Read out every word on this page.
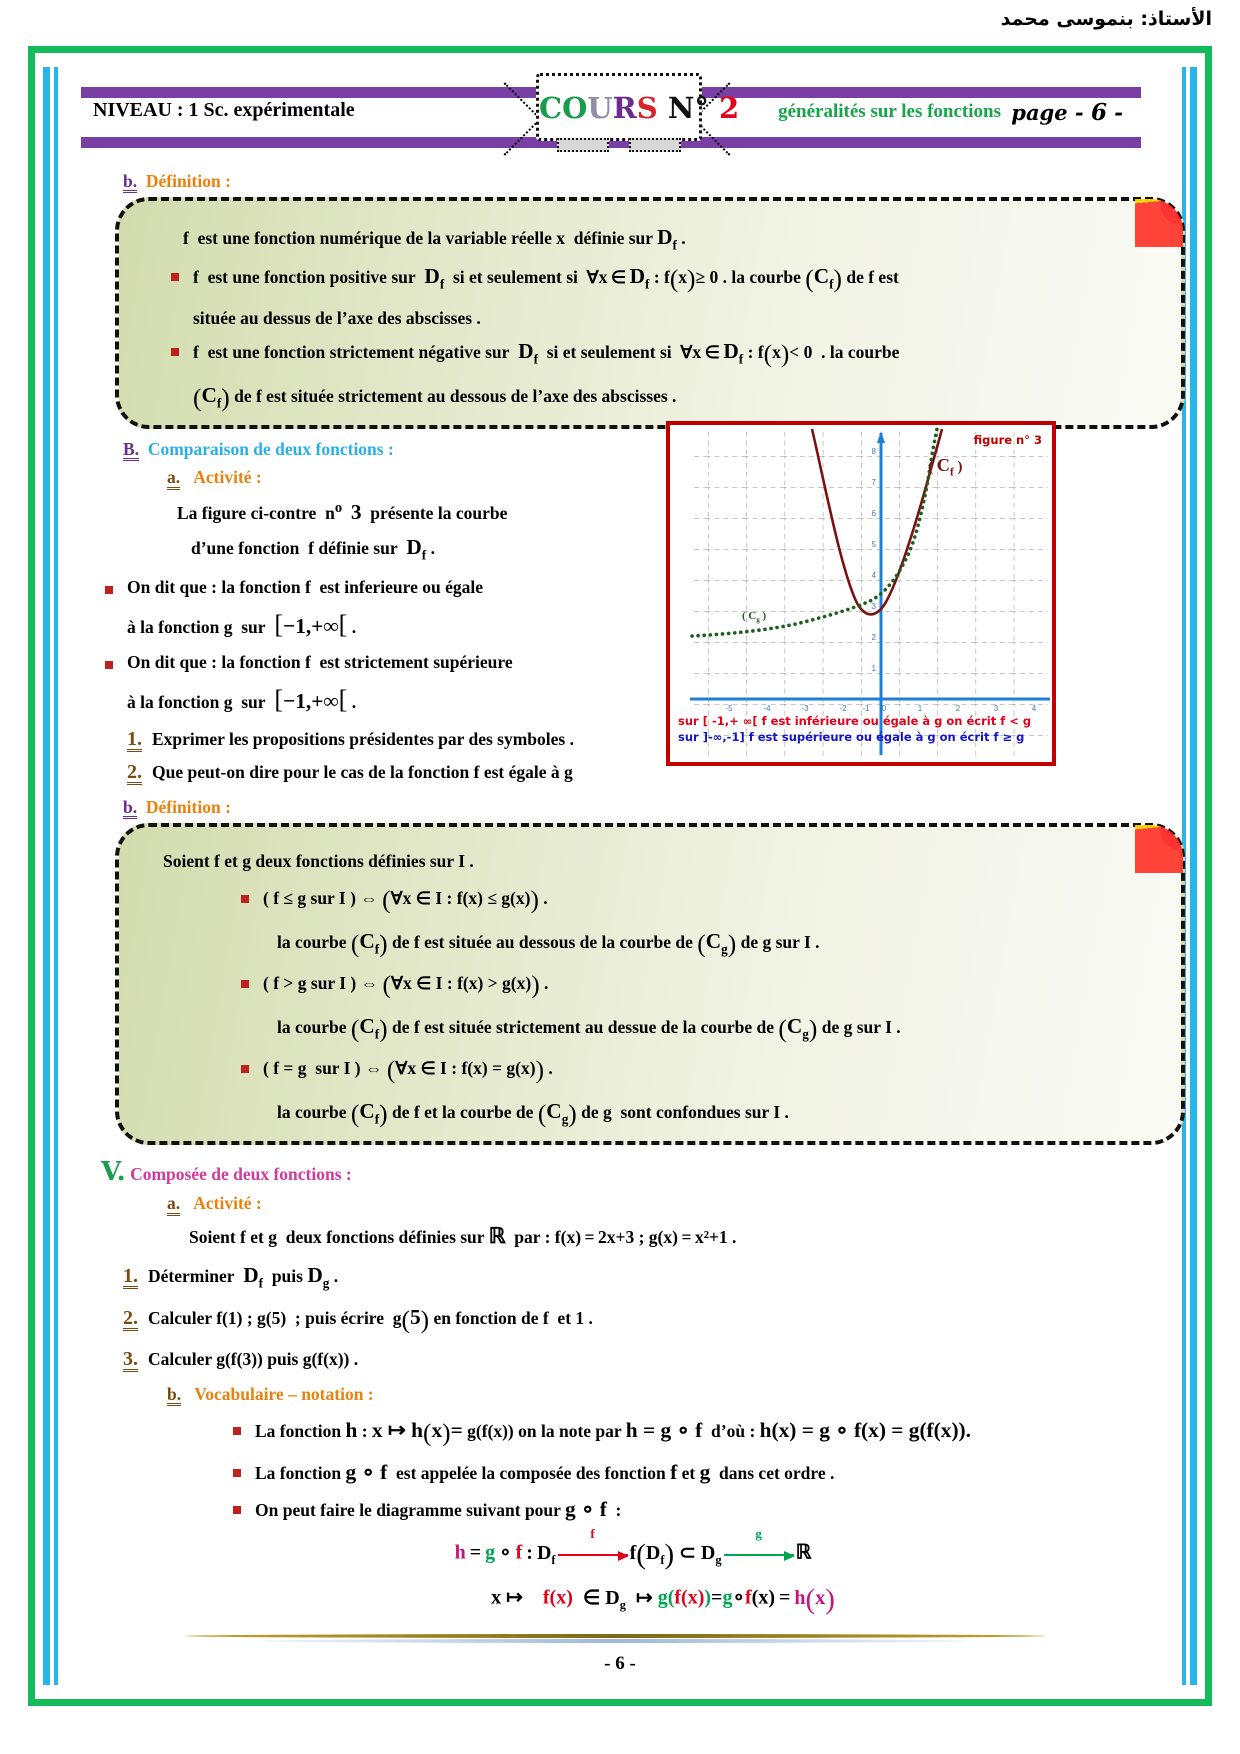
الأستاذ: بنموسى محمد
NIVEAU : 1 Sc. expérimentale	COURS N° 2 généralités sur les fonctions page - 6 -
b. Définition :

f  est une fonction numérique de la variable réelle x  définie sur $D_f$ .

f  est une fonction positive sur  $D_f$  si et seulement si  ∀x ∈ $D_f$ : f(x)≥ 0 . la courbe $(C_f)$ de f est
située au dessus de l’axe des abscisses .
f  est une fonction strictement négative sur  $D_f$  si et seulement si  ∀x ∈ $D_f$ : f(x)< 0  . la courbe
$(C_f)$ de f est située strictement au dessous de l’axe des abscisses .
B. Comparaison de deux fonctions :
a. Activité :

La figure ci-contre  $n^o$ 3  présente la courbe

d’une fonction  f définie sur  $D_f$ .

On dit que : la fonction f  est inferieure ou égale
à la fonction g  sur  [−1,+∞[ .
On dit que : la fonction f  est strictement supérieure
à la fonction g  sur  [−1,+∞[ .

1. Exprimer les propositions présidentes par des symboles .

2. Que peut-on dire pour le cas de la fonction f est égale à g

b. Définition :

Soient f et g deux fonctions définies sur I .

( f ≤ g sur I ) ⇔ (∀x ∈ I : f(x) ≤ g(x)) .
la courbe $(C_f)$ de f est située au dessous de la courbe de $(C_g)$ de g sur I .
( f > g sur I ) ⇔ (∀x ∈ I : f(x) > g(x)) .
la courbe $(C_f)$ de f est située strictement au dessue de la courbe de $(C_g)$ de g sur I .
( f = g  sur I ) ⇔ (∀x ∈ I : f(x) = g(x)) .
la courbe $(C_f)$ de f et la courbe de $(C_g)$ de g  sont confondues sur I .
V. Composée de deux fonctions :
a. Activité :

Soient f et g  deux fonctions définies sur ℝ  par : f(x) = 2x+3 ; g(x) = x²+1 .

1. Déterminer  $D_f$  puis $D_g$ .

2. Calculer f(1) ; g(5)  ; puis écrire  g(5) en fonction de f  et 1 .

3. Calculer g(f(3)) puis g(f(x)) .

b. Vocabulaire – notation :
La fonction h : x ↦ h(x)= g(f(x)) on la note par h = g ∘ f  d’où : h(x) = g ∘ f(x) = g(f(x)).
La fonction g ∘ f  est appelée la composée des fonction f et g  dans cet ordre .
On peut faire le diagramme suivant pour g ∘ f  :
h = g ∘ f : $D_f$
f
$f(D_f)$ ⊂ $D_g$
g
ℝ
x ↦    f(x)  ∈ $D_g$  ↦ g(f(x))=g∘f(x) = h(x)
-5	-4	-3	-2 -1 0	1	2	3	4
1
2
3
4
5
6
7
8
figure n° 3
( $C_f$ )
( $C_g$ )
sur [ -1,+ ∞[ f est inférieure ou égale à g on écrit f < g
sur ]-∞,-1] f est supérieure ou égale à g on écrit f ≥ g
- 6 -
